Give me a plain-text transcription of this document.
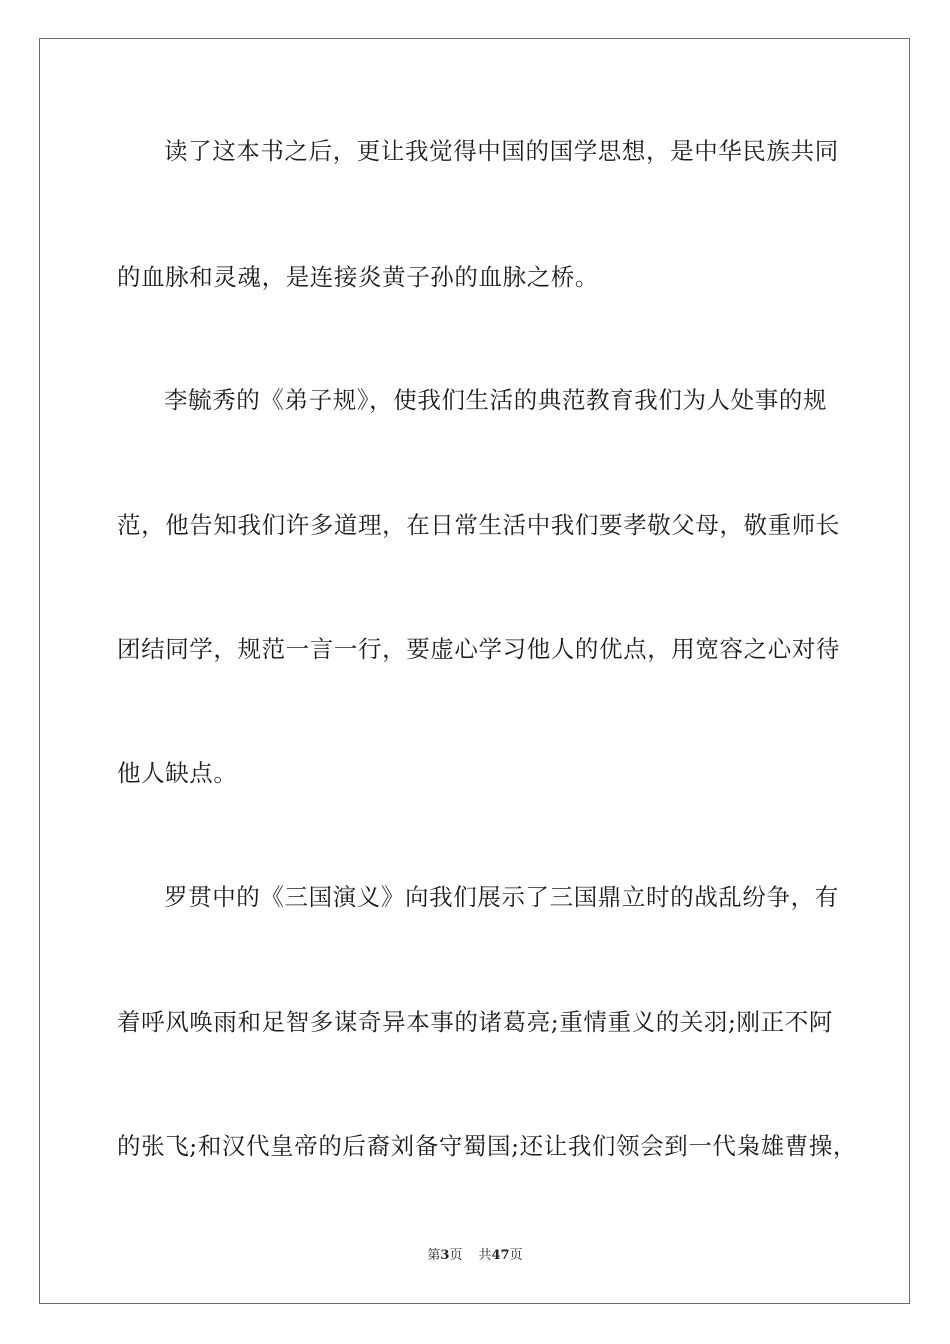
读了这本书之后，更让我觉得中国的国学思想，是中华民族共同
的血脉和灵魂，是连接炎黄子孙的血脉之桥。
李毓秀的《弟子规》，使我们生活的典范教育我们为人处事的规
范，他告知我们许多道理，在日常生活中我们要孝敬父母，敬重师长
团结同学，规范一言一行，要虚心学习他人的优点，用宽容之心对待
他人缺点。
罗贯中的《三国演义》向我们展示了三国鼎立时的战乱纷争，有
着呼风唤雨和足智多谋奇异本事的诸葛亮;重情重义的关羽;刚正不阿
的张飞;和汉代皇帝的后裔刘备守蜀国;还让我们领会到一代枭雄曹操，
第3页 共47页
